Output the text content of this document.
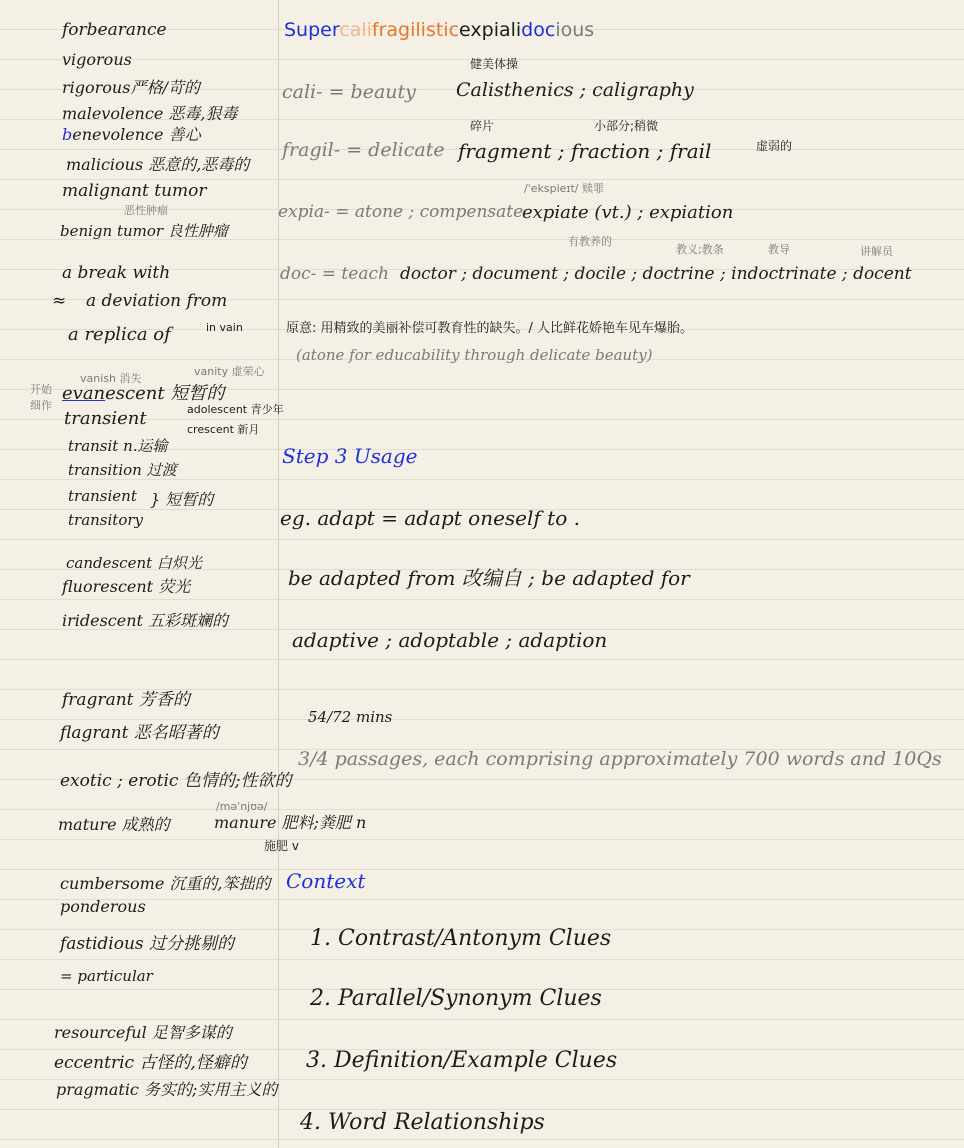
forbearance
vigorous
rigorous严格/苛的
malevolence 恶毒,狠毒
benevolence 善心
malicious 恶意的,恶毒的
malignant tumor
恶性肿瘤
benign tumor 良性肿瘤
a break with
≈ a deviation from
a replica of	in vain
vanish 消失
vanity 虚荣心
开始
细作
evanescent 短暂的
transient	adolescent 青少年
crescent 新月
transit n.运输
transition 过渡
transient
transitory
} 短暂的
candescent 白炽光
fluorescent 荧光
iridescent 五彩斑斓的
fragrant 芳香的
flagrant 恶名昭著的
exotic ; erotic 色情的;性欲的
/məˈnjʊə/
mature 成熟的	manure 肥料;粪肥 n
施肥 v
cumbersome 沉重的,笨拙的 Context
ponderous
fastidious 过分挑剔的
= particular
resourceful 足智多谋的
eccentric 古怪的,怪癖的
pragmatic 务实的;实用主义的
Supercalifragilisticexpialidocious
健美体操
cali- = beauty Calisthenics ; caligraphy
碎片	小部分;稍微
fragil- = delicate fragment ; fraction ; frail	虚弱的
/ˈekspieɪt/ 赎罪
expia- = atone ; compensate
expiate (vt.) ; expiation
有教养的
教义;教条	教导	讲解员
doc- = teach doctor ; document ; docile ; doctrine ; indoctrinate ; docent
原意: 用精致的美丽补偿可教育性的缺失。/ 人比鲜花娇艳车见车爆胎。
(atone for educability through delicate beauty)
Step 3 Usage
eg. adapt = adapt oneself to .
be adapted from 改编自 ; be adapted for
adaptive ; adoptable ; adaption
54/72 mins
3/4 passages, each comprising approximately 700 words and 10Qs
1. Contrast/Antonym Clues
2. Parallel/Synonym Clues
3. Definition/Example Clues
4. Word Relationships
